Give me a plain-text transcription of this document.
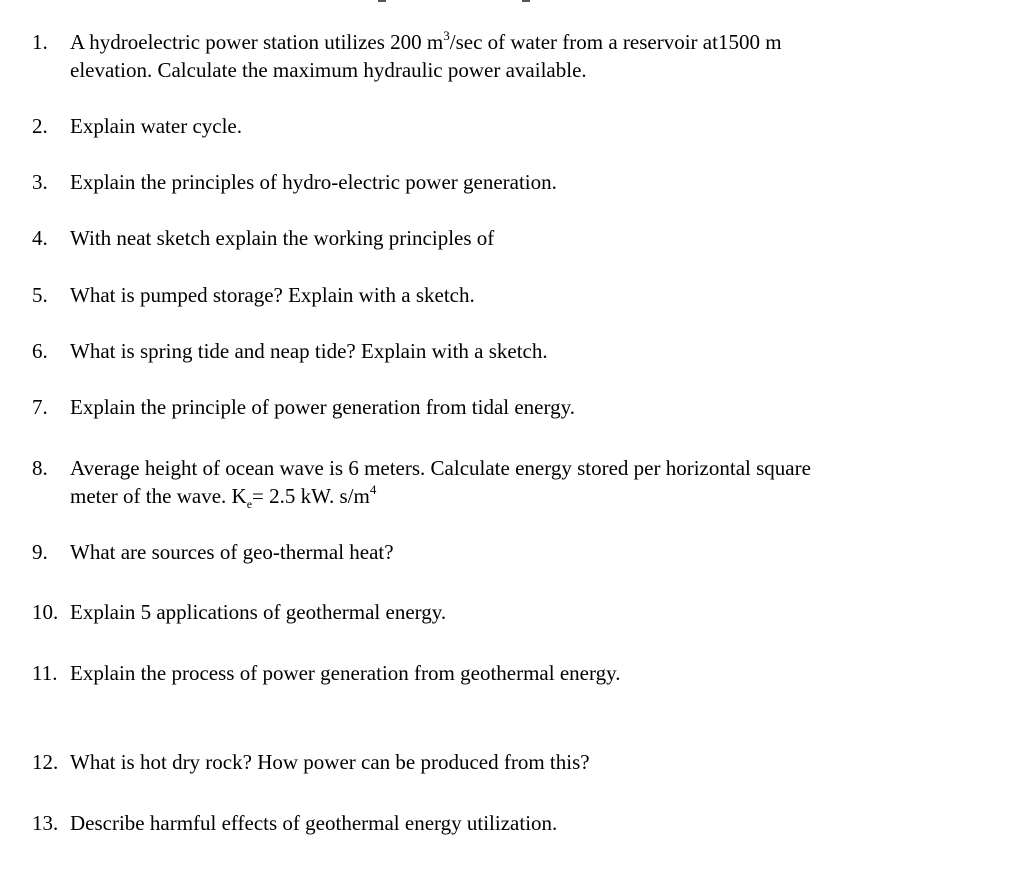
1. A hydroelectric power station utilizes 200 $m^3/\sec$ of water from a reservoir at1500 m
elevation. Calculate the maximum hydraulic power available.
2. Explain water cycle.
3. Explain the principles of hydro-electric power generation.
4. With neat sketch explain the working principles of
5. What is pumped storage? Explain with a sketch.
6. What is spring tide and neap tide? Explain with a sketch.
7. Explain the principle of power generation from tidal energy.
8. Average height of ocean wave is 6 meters. Calculate energy stored per horizontal square
meter of the wave. $K_e= 2.5$ kW. $s/m^4$
9. What are sources of geo-thermal heat?
10. Explain 5 applications of geothermal energy.
11. Explain the process of power generation from geothermal energy.
12. What is hot dry rock? How power can be produced from this?
13. Describe harmful effects of geothermal energy utilization.
